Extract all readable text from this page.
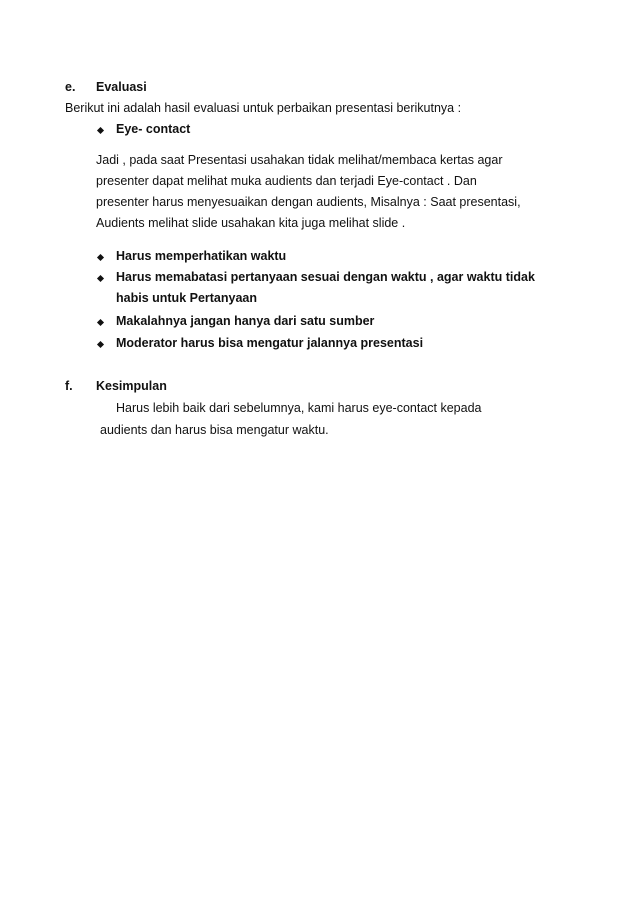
e. Evaluasi
Berikut ini adalah hasil evaluasi untuk perbaikan presentasi berikutnya :
Eye- contact
Jadi , pada saat Presentasi usahakan tidak melihat/membaca kertas agar
presenter dapat melihat muka audients dan terjadi Eye-contact . Dan
presenter harus menyesuaikan dengan audients, Misalnya : Saat presentasi,
Audients melihat slide usahakan kita juga melihat slide .
Harus memperhatikan waktu
Harus memabatasi pertanyaan sesuai dengan waktu , agar waktu tidak
habis untuk Pertanyaan
Makalahnya jangan hanya dari satu sumber
Moderator harus bisa mengatur jalannya presentasi
f. Kesimpulan
Harus lebih baik dari sebelumnya, kami harus eye-contact kepada
audients dan harus bisa mengatur waktu.
